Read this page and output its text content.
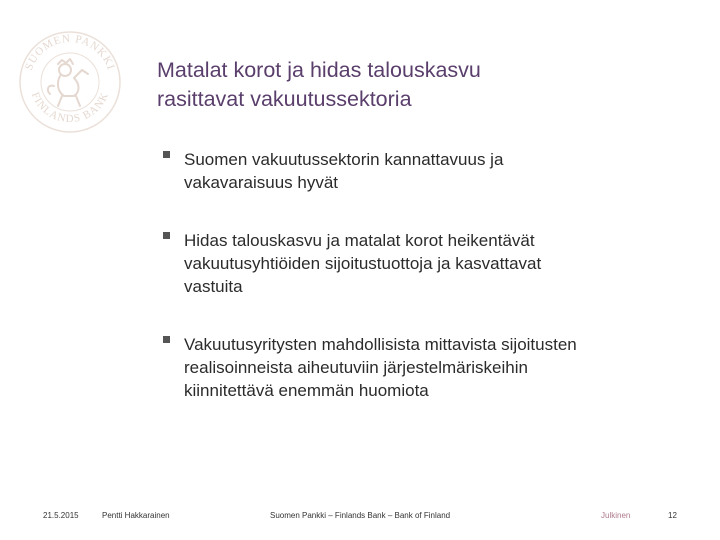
SUOMEN PANKKI
FINLANDS BANK
Matalat korot ja hidas talouskasvu
rasittavat vakuutussektoria
Suomen vakuutussektorin kannattavuus ja
vakavaraisuus hyvät
Hidas talouskasvu ja matalat korot heikentävät
vakuutusyhtiöiden sijoitustuottoja ja kasvattavat
vastuita
Vakuutusyritysten mahdollisista mittavista sijoitusten
realisoinneista aiheutuviin järjestelmäriskeihin
kiinnitettävä enemmän huomiota
21.5.2015	Pentti Hakkarainen	Suomen Pankki – Finlands Bank – Bank of Finland	Julkinen	12
